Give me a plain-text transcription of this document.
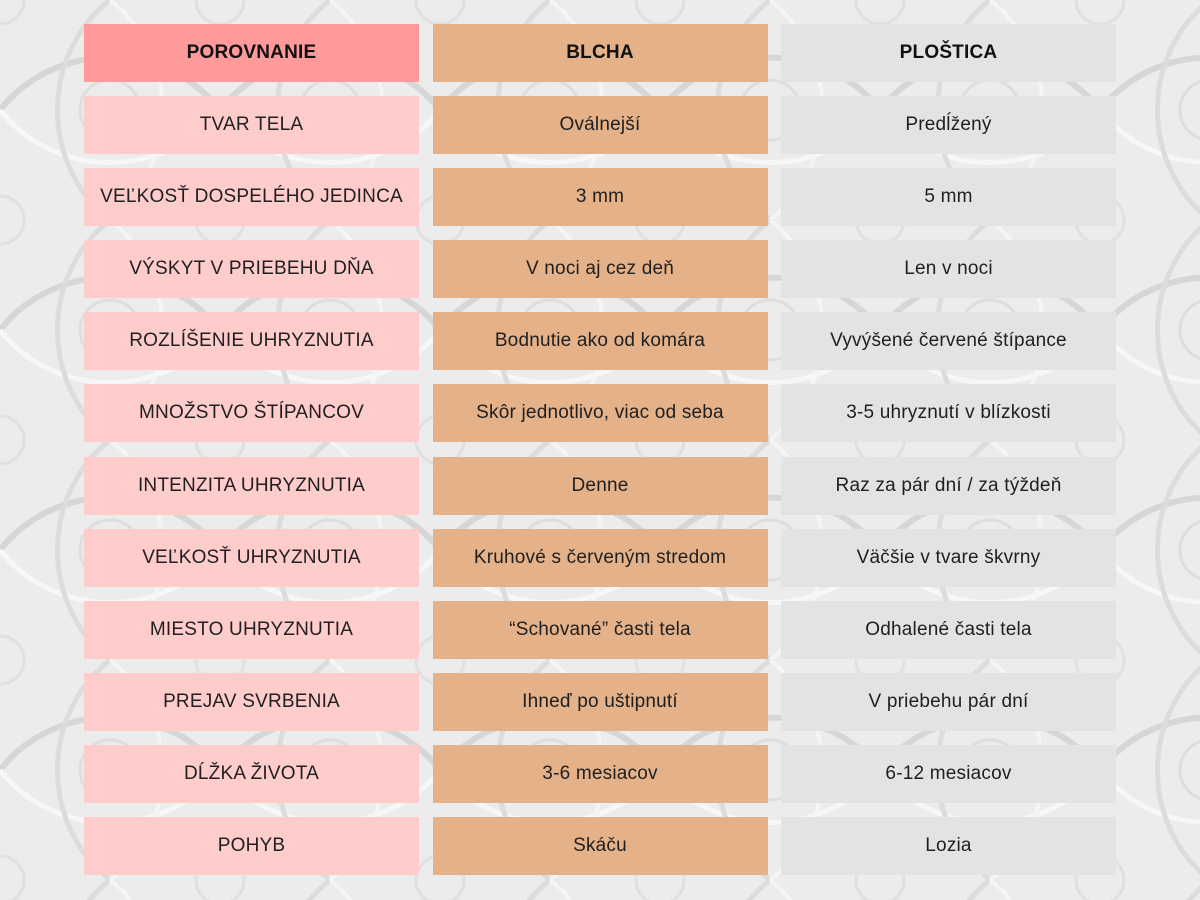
POROVNANIE	BLCHA	PLOŠTICA
TVAR TELA	Oválnejší	Predĺžený
VEĽKOSŤ DOSPELÉHO JEDINCA	3 mm	5 mm
VÝSKYT V PRIEBEHU DŇA	V noci aj cez deň	Len v noci
ROZLÍŠENIE UHRYZNUTIA	Bodnutie ako od komára	Vyvýšené červené štípance
MNOŽSTVO ŠTÍPANCOV	Skôr jednotlivo, viac od seba	3-5 uhryznutí v blízkosti
INTENZITA UHRYZNUTIA	Denne	Raz za pár dní / za týždeň
VEĽKOSŤ UHRYZNUTIA	Kruhové s červeným stredom	Väčšie v tvare škvrny
MIESTO UHRYZNUTIA	“Schované” časti tela	Odhalené časti tela
PREJAV SVRBENIA	Ihneď po uštipnutí	V priebehu pár dní
DĹŽKA ŽIVOTA	3-6 mesiacov	6-12 mesiacov
POHYB	Skáču	Lozia
